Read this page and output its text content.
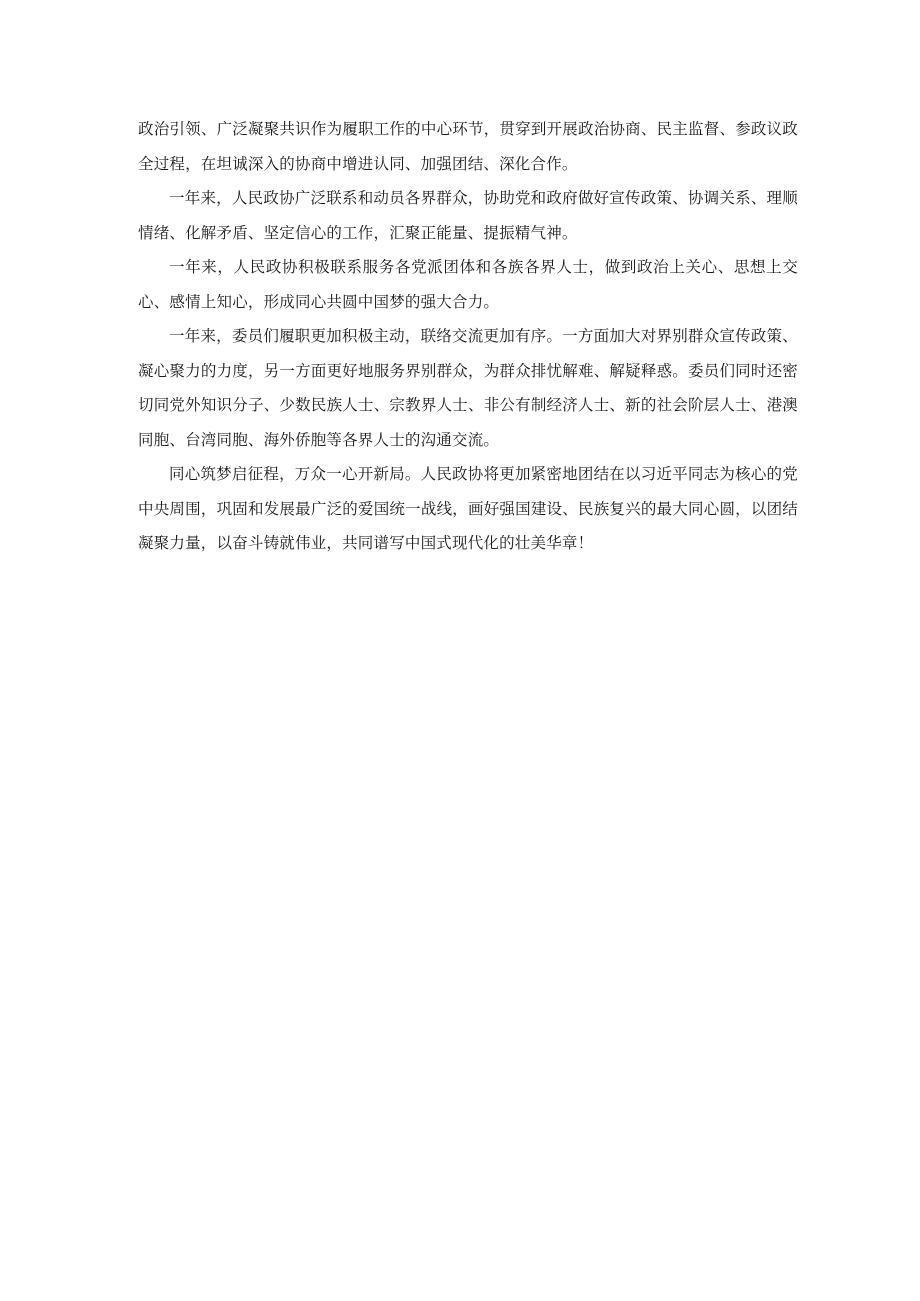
政治引领、广泛凝聚共识作为履职工作的中心环节，贯穿到开展政治协商、民主监督、参政议政全过程，在坦诚深入的协商中增进认同、加强团结、深化合作。

一年来，人民政协广泛联系和动员各界群众，协助党和政府做好宣传政策、协调关系、理顺情绪、化解矛盾、坚定信心的工作，汇聚正能量、提振精气神。

一年来，人民政协积极联系服务各党派团体和各族各界人士，做到政治上关心、思想上交心、感情上知心，形成同心共圆中国梦的强大合力。

一年来，委员们履职更加积极主动，联络交流更加有序。一方面加大对界别群众宣传政策、凝心聚力的力度，另一方面更好地服务界别群众，为群众排忧解难、解疑释惑。委员们同时还密切同党外知识分子、少数民族人士、宗教界人士、非公有制经济人士、新的社会阶层人士、港澳同胞、台湾同胞、海外侨胞等各界人士的沟通交流。

同心筑梦启征程，万众一心开新局。人民政协将更加紧密地团结在以习近平同志为核心的党中央周围，巩固和发展最广泛的爱国统一战线，画好强国建设、民族复兴的最大同心圆，以团结凝聚力量，以奋斗铸就伟业，共同谱写中国式现代化的壮美华章！
